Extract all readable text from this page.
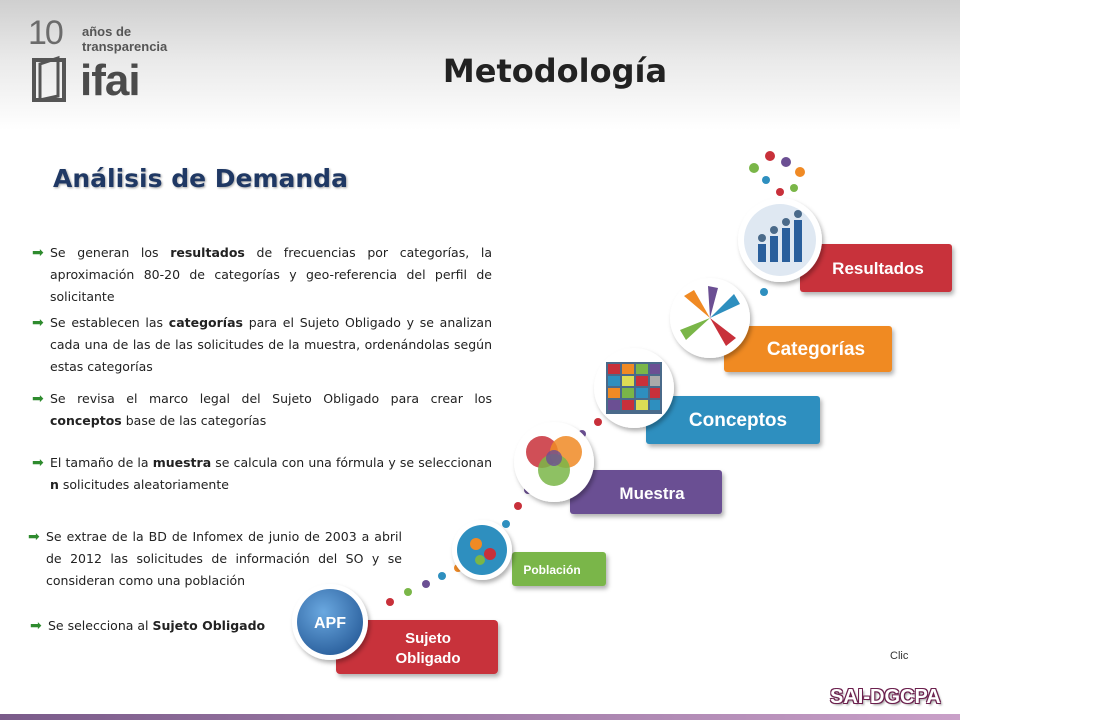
10 años de
transparencia
ifai	Metodología
Análisis de Demanda
➡ Se generan los resultados de frecuencias por categorías, la aproximación 80-20 de categorías y geo-referencia del perfil de solicitante
➡ Se establecen las categorías para el Sujeto Obligado y se analizan cada una de las de las solicitudes de la muestra, ordenándolas según estas categorías
➡ Se revisa el marco legal del Sujeto Obligado para crear los conceptos base de las categorías
➡ El tamaño de la muestra se calcula con una fórmula y se seleccionan n solicitudes aleatoriamente
➡ Se extrae de la BD de Infomex de junio de 2003 a abril de 2012 las solicitudes de información del SO y se consideran como una población
➡ Se selecciona al Sujeto Obligado
Sujeto
Obligado
APF
Población
Muestra
Conceptos
Categorías
Resultados
Clic
SAI-DGCPA
